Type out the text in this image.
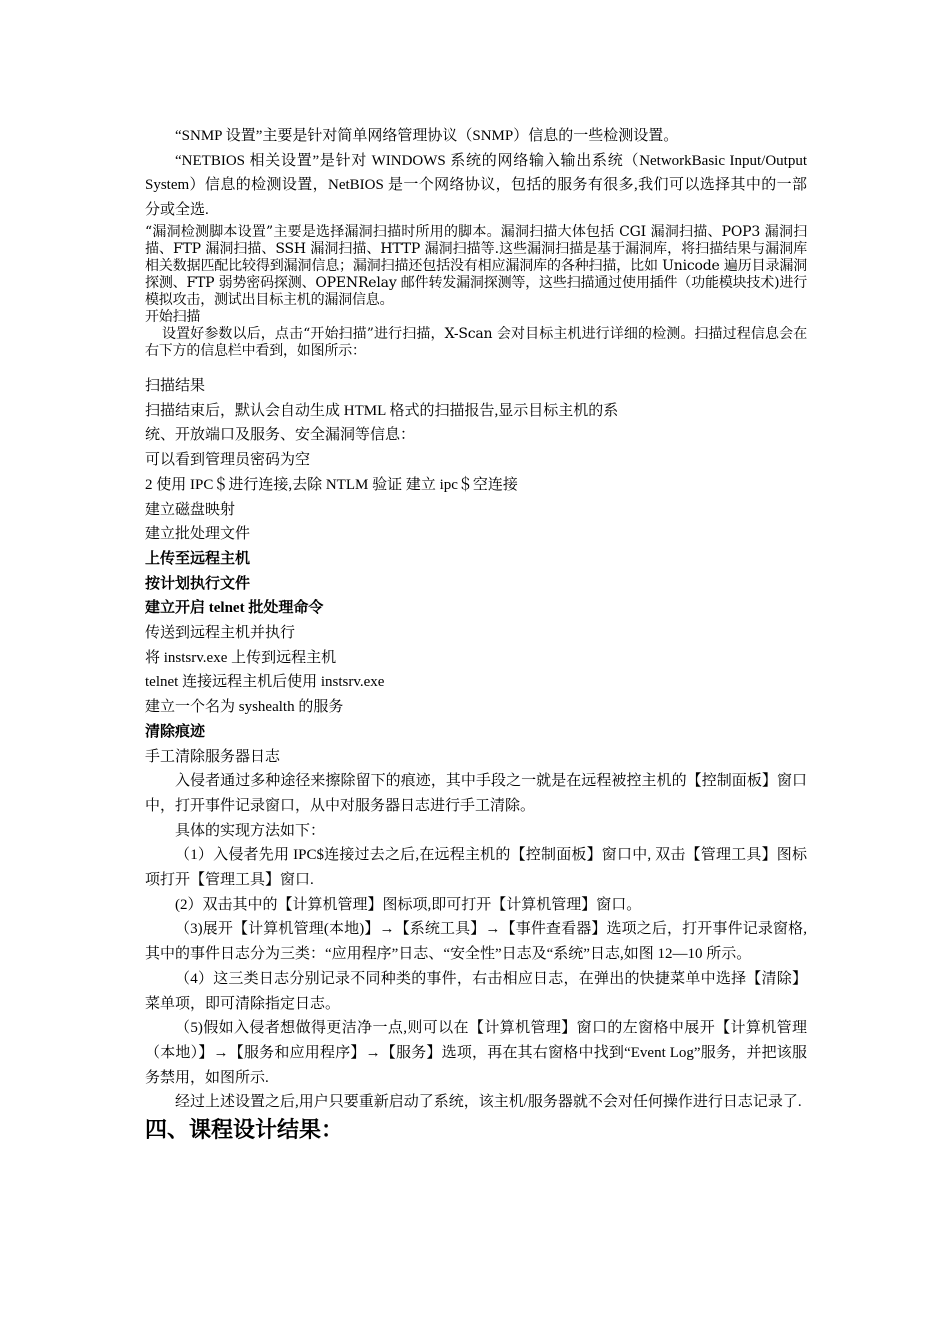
“SNMP 设置”主要是针对简单网络管理协议（SNMP）信息的一些检测设置。

“NETBIOS 相关设置”是针对 WINDOWS 系统的网络输入输出系统（NetworkBasic Input/Output System）信息的检测设置，NetBIOS 是一个网络协议，包括的服务有很多,我们可以选择其中的一部分或全选.

“漏洞检测脚本设置”主要是选择漏洞扫描时所用的脚本。漏洞扫描大体包括 CGI 漏洞扫描、POP3 漏洞扫描、FTP 漏洞扫描、SSH 漏洞扫描、HTTP 漏洞扫描等.这些漏洞扫描是基于漏洞库，将扫描结果与漏洞库相关数据匹配比较得到漏洞信息；漏洞扫描还包括没有相应漏洞库的各种扫描，比如 Unicode 遍历目录漏洞探测、FTP 弱势密码探测、OPENRelay 邮件转发漏洞探测等，这些扫描通过使用插件（功能模块技术)进行模拟攻击，测试出目标主机的漏洞信息。

开始扫描

设置好参数以后，点击“开始扫描”进行扫描，X-Scan 会对目标主机进行详细的检测。扫描过程信息会在右下方的信息栏中看到，如图所示：

扫描结果

扫描结束后，默认会自动生成 HTML 格式的扫描报告,显示目标主机的系

统、开放端口及服务、安全漏洞等信息：

可以看到管理员密码为空

2 使用 IPC＄进行连接,去除 NTLM 验证 建立 ipc＄空连接

建立磁盘映射

建立批处理文件

上传至远程主机

按计划执行文件

建立开启 telnet 批处理命令

传送到远程主机并执行

将 instsrv.exe 上传到远程主机

telnet 连接远程主机后使用 instsrv.exe

建立一个名为 syshealth 的服务

清除痕迹

手工清除服务器日志

入侵者通过多种途径来擦除留下的痕迹，其中手段之一就是在远程被控主机的【控制面板】窗口中，打开事件记录窗口，从中对服务器日志进行手工清除。

具体的实现方法如下：

（1）入侵者先用 IPC$连接过去之后,在远程主机的【控制面板】窗口中, 双击【管理工具】图标项打开【管理工具】窗口.

(2）双击其中的【计算机管理】图标项,即可打开【计算机管理】窗口。

（3)展开【计算机管理(本地)】→【系统工具】→【事件查看器】选项之后，打开事件记录窗格,其中的事件日志分为三类：“应用程序”日志、“安全性”日志及“系统”日志,如图 12—10 所示。

（4）这三类日志分别记录不同种类的事件，右击相应日志，在弹出的快捷菜单中选择【清除】菜单项，即可清除指定日志。

（5)假如入侵者想做得更洁净一点,则可以在【计算机管理】窗口的左窗格中展开【计算机管理（本地）】→【服务和应用程序】→【服务】选项，再在其右窗格中找到“Event Log”服务，并把该服务禁用，如图所示.

经过上述设置之后,用户只要重新启动了系统，该主机/服务器就不会对任何操作进行日志记录了.

四、课程设计结果：
